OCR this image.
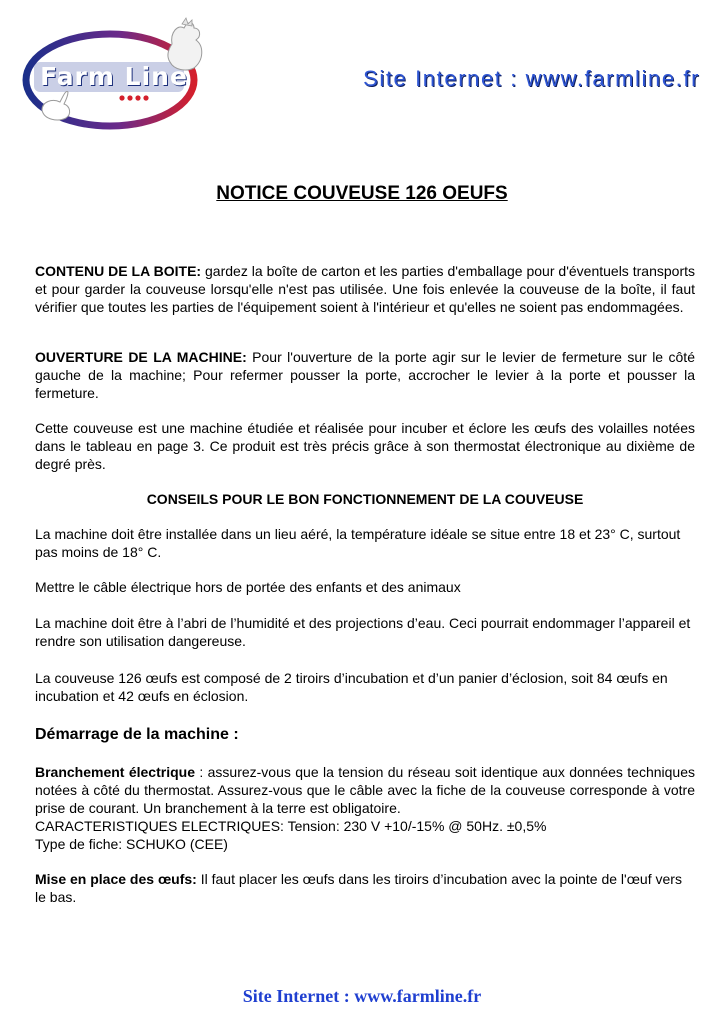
Farm Line	Site Internet : www.farmline.fr
NOTICE COUVEUSE 126 OEUFS

CONTENU DE LA BOITE: gardez la boîte de carton et les parties d'emballage pour d'éventuels transports et pour garder la couveuse lorsqu'elle n'est pas utilisée. Une fois enlevée la couveuse de la boîte, il faut vérifier que toutes les parties de l'équipement soient à l'intérieur et qu'elles ne soient pas endommagées.

OUVERTURE DE LA MACHINE: Pour l'ouverture de la porte agir sur le levier de fermeture sur le côté gauche de la machine; Pour refermer pousser la porte, accrocher le levier à la porte et pousser la fermeture.

Cette couveuse est une machine étudiée et réalisée pour incuber et éclore les œufs des volailles notées dans le tableau en page 3. Ce produit est très précis grâce à son thermostat électronique au dixième de degré près.

CONSEILS POUR LE BON FONCTIONNEMENT DE LA COUVEUSE

La machine doit être installée dans un lieu aéré, la température idéale se situe entre 18 et 23° C, surtout pas moins de 18° C.

Mettre le câble électrique hors de portée des enfants et des animaux

La machine doit être à l’abri de l’humidité et des projections d’eau. Ceci pourrait endommager l’appareil et rendre son utilisation dangereuse.

La couveuse 126 œufs est composé de 2 tiroirs d’incubation et d’un panier d’éclosion, soit 84 œufs en incubation et 42 œufs en éclosion.

Démarrage de la machine :

Branchement électrique : assurez-vous que la tension du réseau soit identique aux données techniques notées à côté du thermostat. Assurez-vous que le câble avec la fiche de la couveuse corresponde à votre prise de courant. Un branchement à la terre est obligatoire.

CARACTERISTIQUES ELECTRIQUES: Tension: 230 V +10/-15% @ 50Hz. ±0,5%

Type de fiche: SCHUKO (CEE)

Mise en place des œufs: Il faut placer les œufs dans les tiroirs d’incubation avec la pointe de l'œuf vers le bas.

Site Internet : www.farmline.fr
